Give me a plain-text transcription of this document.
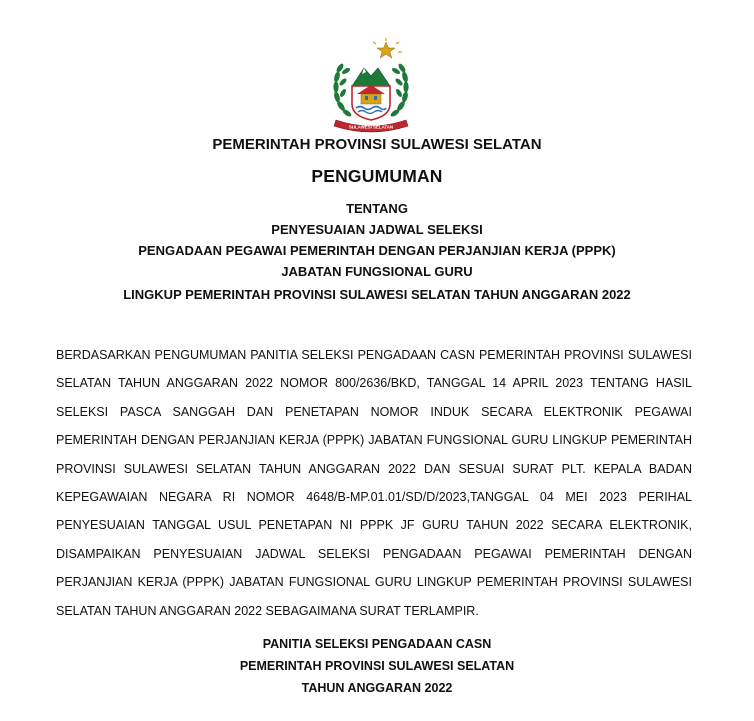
SULAWESI SELATAN
PEMERINTAH PROVINSI SULAWESI SELATAN
PENGUMUMAN
TENTANG
PENYESUAIAN JADWAL SELEKSI
PENGADAAN PEGAWAI PEMERINTAH DENGAN PERJANJIAN KERJA (PPPK)
JABATAN FUNGSIONAL GURU
LINGKUP PEMERINTAH PROVINSI SULAWESI SELATAN TAHUN ANGGARAN 2022

BERDASARKAN PENGUMUMAN PANITIA SELEKSI PENGADAAN CASN PEMERINTAH PROVINSI SULAWESI SELATAN TAHUN ANGGARAN 2022 NOMOR 800/2636/BKD, TANGGAL 14 APRIL 2023 TENTANG HASIL SELEKSI PASCA SANGGAH DAN PENETAPAN NOMOR INDUK SECARA ELEKTRONIK PEGAWAI PEMERINTAH DENGAN PERJANJIAN KERJA (PPPK) JABATAN FUNGSIONAL GURU LINGKUP PEMERINTAH PROVINSI SULAWESI SELATAN TAHUN ANGGARAN 2022 DAN SESUAI SURAT PLT. KEPALA BADAN KEPEGAWAIAN NEGARA RI NOMOR 4648/B-MP.01.01/SD/D/2023,TANGGAL 04 MEI 2023 PERIHAL PENYESUAIAN TANGGAL USUL PENETAPAN NI PPPK JF GURU TAHUN 2022 SECARA ELEKTRONIK, DISAMPAIKAN PENYESUAIAN JADWAL SELEKSI PENGADAAN PEGAWAI PEMERINTAH DENGAN PERJANJIAN KERJA (PPPK) JABATAN FUNGSIONAL GURU LINGKUP PEMERINTAH PROVINSI SULAWESI SELATAN TAHUN ANGGARAN 2022 SEBAGAIMANA SURAT TERLAMPIR.

PANITIA SELEKSI PENGADAAN CASN
PEMERINTAH PROVINSI SULAWESI SELATAN
TAHUN ANGGARAN 2022
